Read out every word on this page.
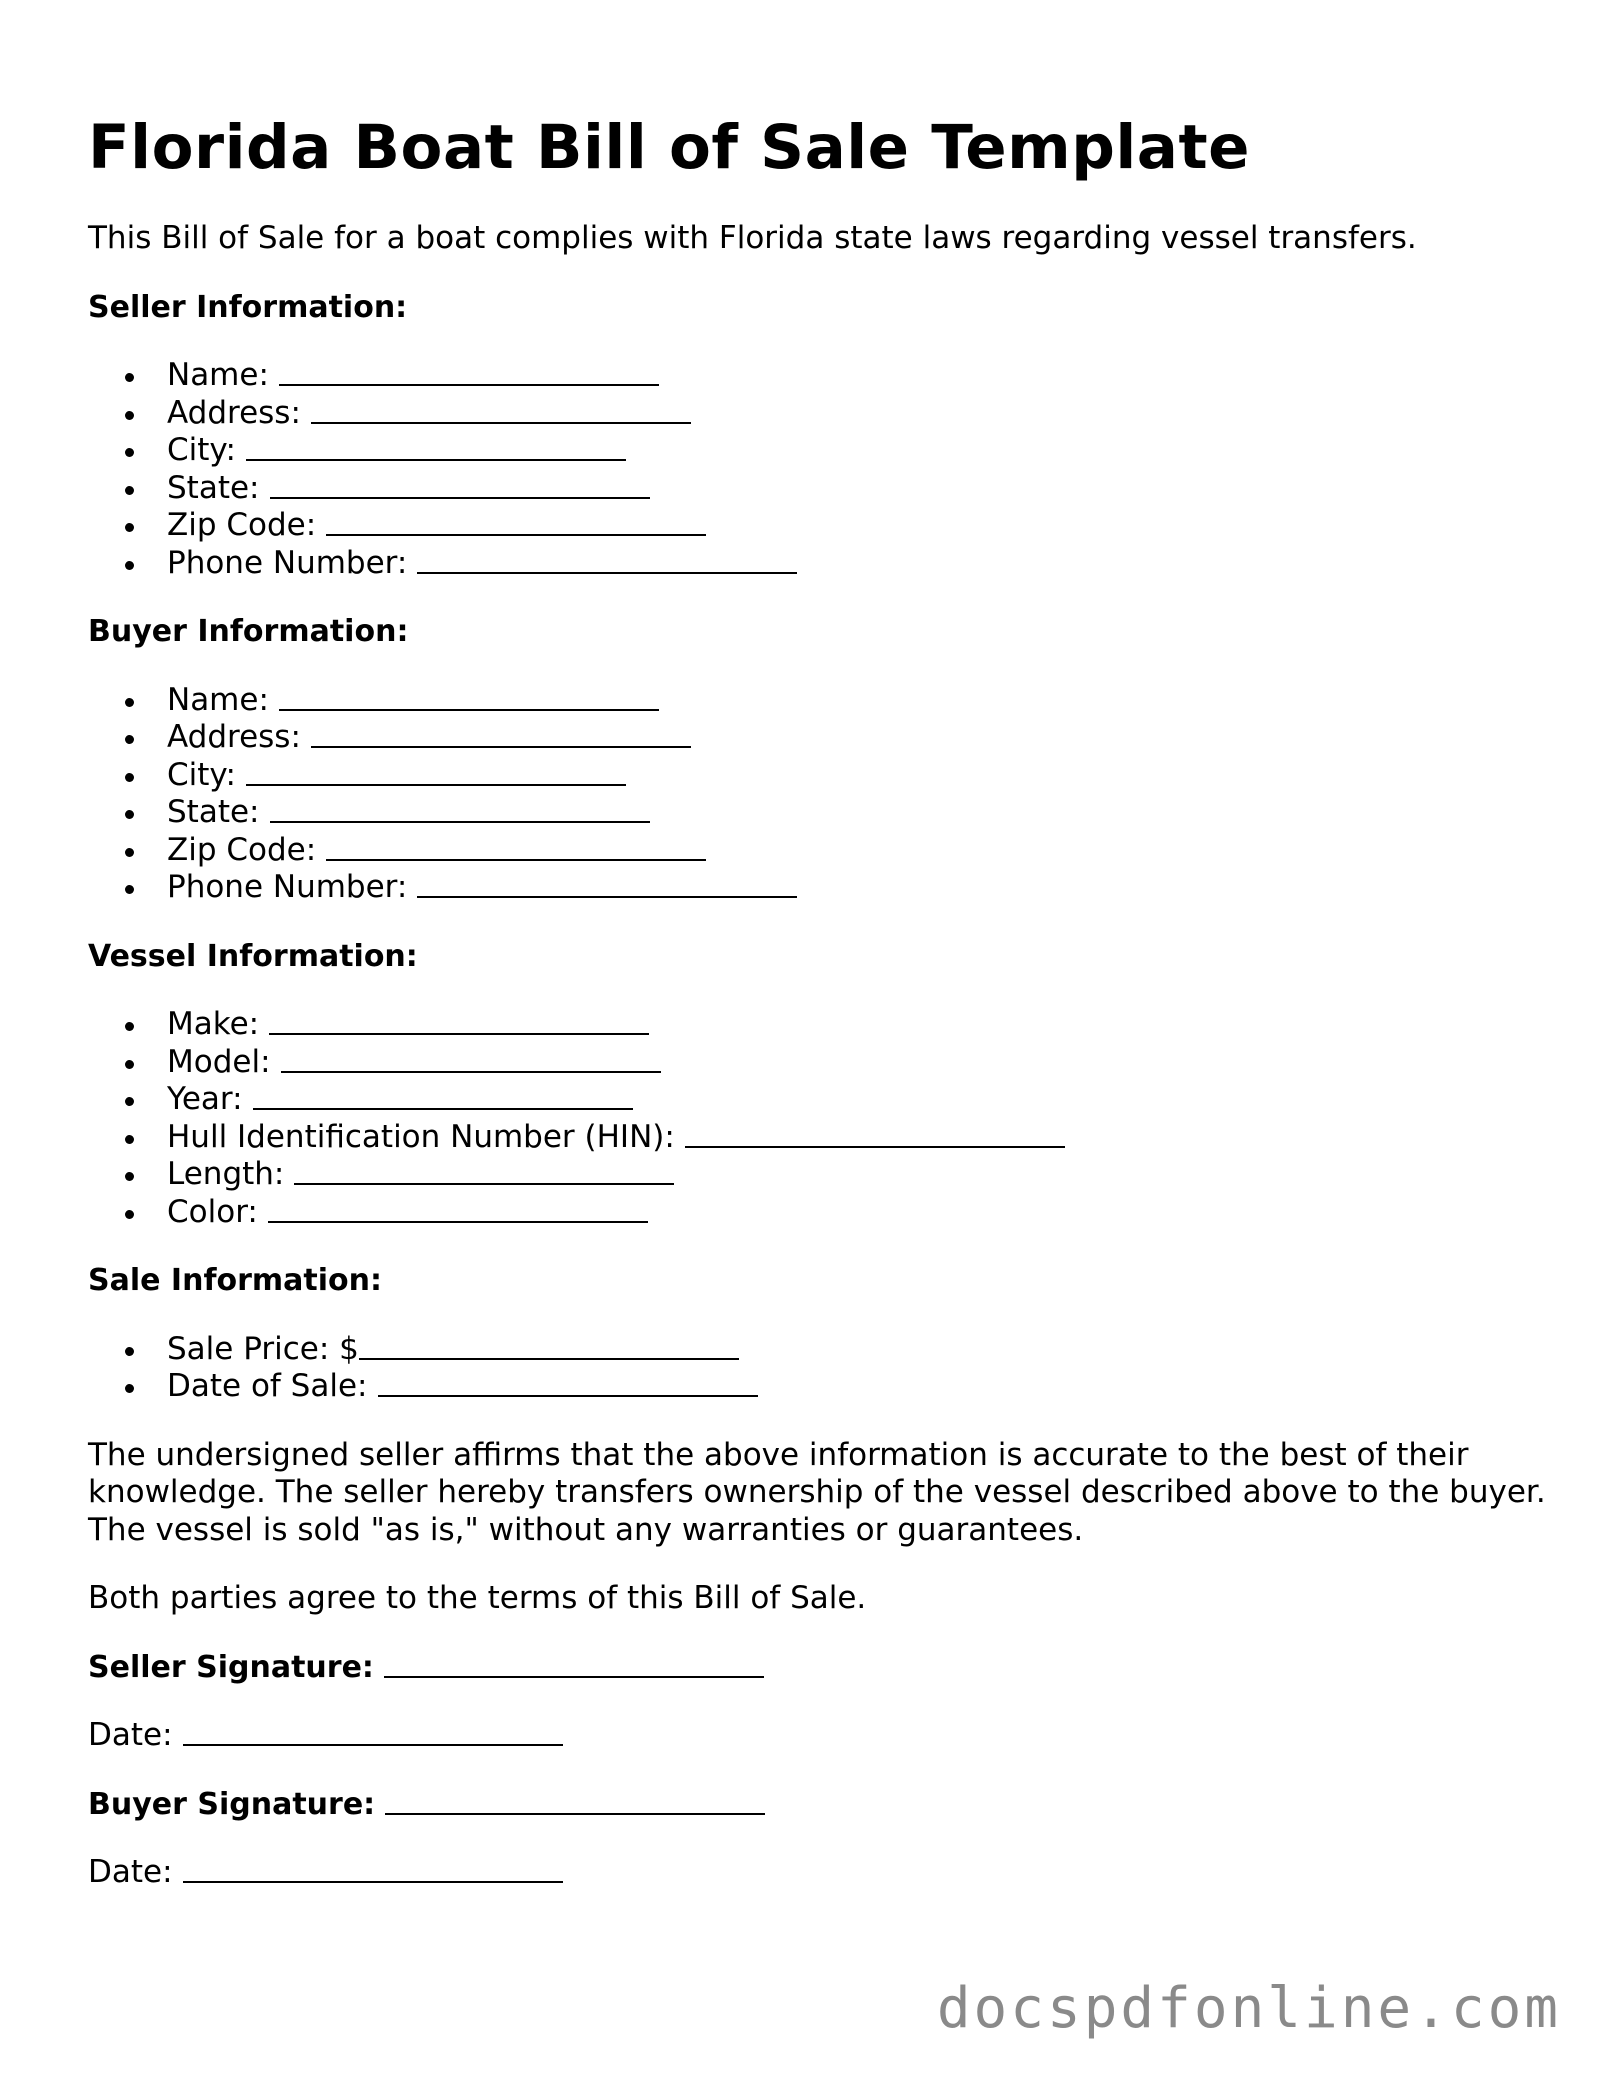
Florida Boat Bill of Sale Template

This Bill of Sale for a boat complies with Florida state laws regarding vessel transfers.

Seller Information:
Name:
Address:
City:
State:
Zip Code:
Phone Number:
Buyer Information:
Name:
Address:
City:
State:
Zip Code:
Phone Number:
Vessel Information:
Make:
Model:
Year:
Hull Identification Number (HIN):
Length:
Color:
Sale Information:
Sale Price: $
Date of Sale:

The undersigned seller affirms that the above information is accurate to the best of their knowledge. The seller hereby transfers ownership of the vessel described above to the buyer. The vessel is sold "as is," without any warranties or guarantees.

Both parties agree to the terms of this Bill of Sale.

Seller Signature:
Date:
Buyer Signature:
Date:
docspdfonline.com
